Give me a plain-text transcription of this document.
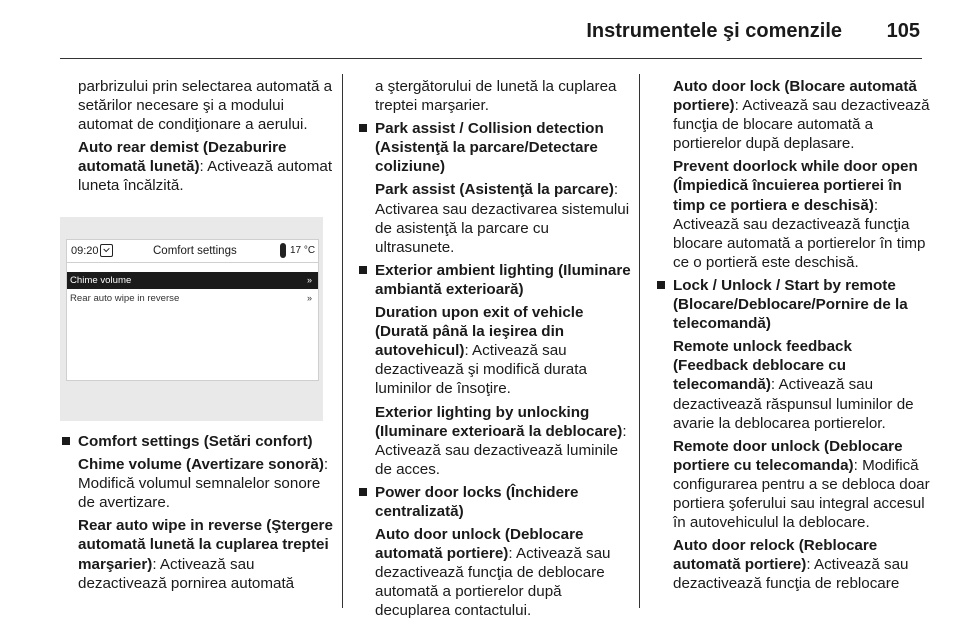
Instrumentele şi comenzile 105

parbrizului prin selectarea automată a setărilor necesare şi a modului automat de condiţionare a aerului.

Auto rear demist (Dezaburire automată lunetă): Activează automat luneta încălzită.

09:20	Comfort settings	17 °C
Chime volume	»
Rear auto wipe in reverse	»
Comfort settings (Setări confort)

Chime volume (Avertizare sonoră): Modifică volumul semnalelor sonore de avertizare.

Rear auto wipe in reverse (Ştergere automată lunetă la cuplarea treptei marşarier): Activează sau dezactivează pornirea automată

a ştergătorului de lunetă la cuplarea treptei marşarier.

Park assist / Collision detection (Asistenţă la parcare/Detectare coliziune)

Park assist (Asistenţă la parcare): Activarea sau dezactivarea sistemului de asistenţă la parcare cu ultrasunete.

Exterior ambient lighting (Iluminare ambiantă exterioară)

Duration upon exit of vehicle (Durată până la ieşirea din autovehicul): Activează sau dezactivează şi modifică durata luminilor de însoţire.

Exterior lighting by unlocking (Iluminare exterioară la deblocare): Activează sau dezactivează luminile de acces.

Power door locks (Închidere centralizată)

Auto door unlock (Deblocare automată portiere): Activează sau dezactivează funcţia de deblocare automată a portierelor după decuplarea contactului.

Auto door lock (Blocare automată portiere): Activează sau dezactivează funcţia de blocare automată a portierelor după deplasare.

Prevent doorlock while door open (Împiedică încuierea portierei în timp ce portiera e deschisă): Activează sau dezactivează funcţia blocare automată a portierelor în timp ce o portieră este deschisă.

Lock / Unlock / Start by remote (Blocare/Deblocare/Pornire de la telecomandă)

Remote unlock feedback (Feedback deblocare cu telecomandă): Activează sau dezactivează răspunsul luminilor de avarie la deblocarea portierelor.

Remote door unlock (Deblocare portiere cu telecomanda): Modifică configurarea pentru a se debloca doar portiera şoferului sau integral accesul în autovehiculul la deblocare.

Auto door relock (Reblocare automată portiere): Activează sau dezactivează funcţia de reblocare
